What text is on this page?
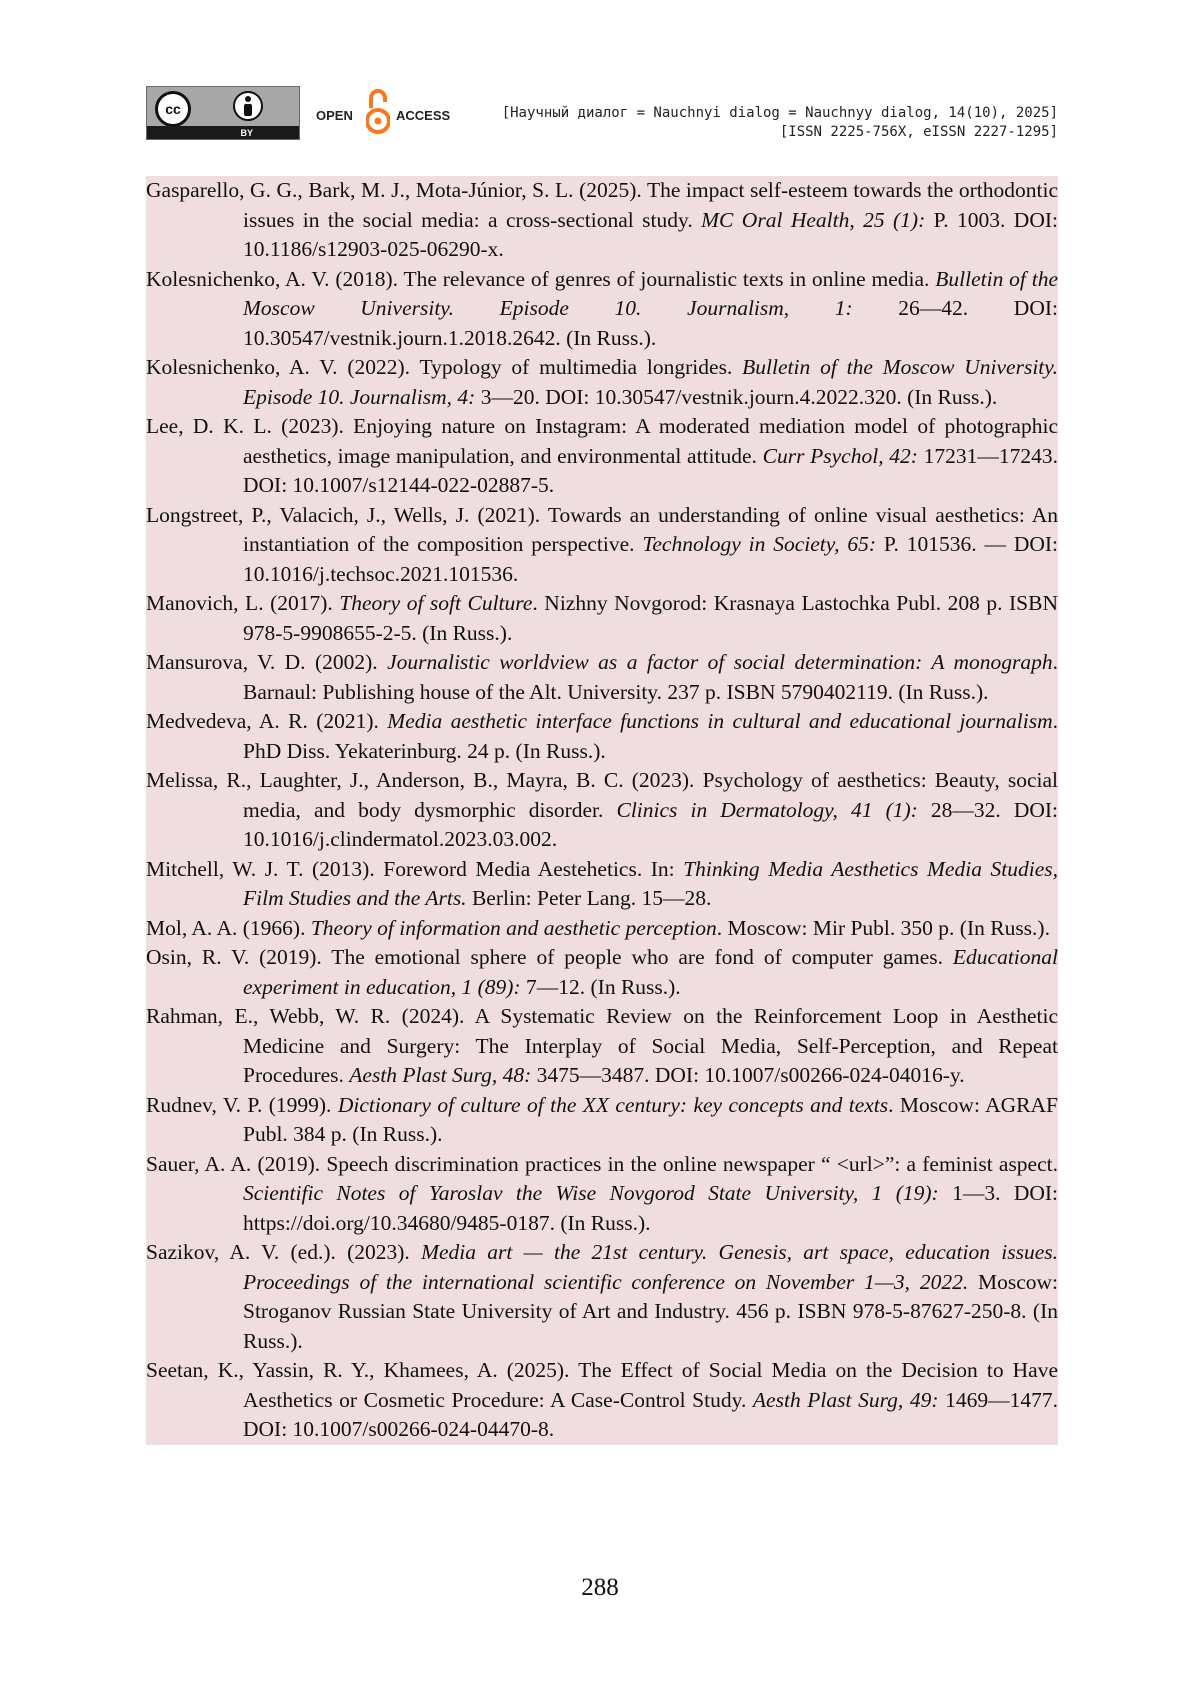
cc
BY
OPEN	ACCESS	[Научный диалог = Nauchnyi dialog = Nauchnyy dialog, 14(10), 2025]
[ISSN 2225-756X, eISSN 2227-1295]

Gasparello, G. G., Bark, M. J., Mota-Júnior, S. L. (2025). The impact self-esteem towards the orthodontic issues in the social media: a cross-sectional study. MC Oral Health, 25 (1): P. 1003. DOI: 10.1186/s12903-025-06290-x.

Kolesnichenko, A. V. (2018). The relevance of genres of journalistic texts in online media. Bulletin of the Moscow University. Episode 10. Journalism, 1: 26—42. DOI: 10.30547/vestnik.journ.1.2018.2642. (In Russ.).

Kolesnichenko, A. V. (2022). Typology of multimedia longrides. Bulletin of the Moscow University. Episode 10. Journalism, 4: 3—20. DOI: 10.30547/vestnik.journ.4.2022.320. (In Russ.).

Lee, D. K. L. (2023). Enjoying nature on Instagram: A moderated mediation model of photographic aesthetics, image manipulation, and environmental attitude. Curr Psychol, 42: 17231—17243. DOI: 10.1007/s12144-022-02887-5.

Longstreet, P., Valacich, J., Wells, J. (2021). Towards an understanding of online visual aesthetics: An instantiation of the composition perspective. Technology in Society, 65: P. 101536. — DOI: 10.1016/j.techsoc.2021.101536.

Manovich, L. (2017). Theory of soft Culture. Nizhny Novgorod: Krasnaya Lastochka Publ. 208 p. ISBN 978-5-9908655-2-5. (In Russ.).

Mansurova, V. D. (2002). Journalistic worldview as a factor of social determination: A monograph. Barnaul: Publishing house of the Alt. University. 237 p. ISBN 5790402119. (In Russ.).

Medvedeva, A. R. (2021). Media aesthetic interface functions in cultural and educational journalism. PhD Diss. Yekaterinburg. 24 p. (In Russ.).

Melissa, R., Laughter, J., Anderson, B., Mayra, B. C. (2023). Psychology of aesthetics: Beauty, social media, and body dysmorphic disorder. Clinics in Dermatology, 41 (1): 28—32. DOI: 10.1016/j.clindermatol.2023.03.002.

Mitchell, W. J. T. (2013). Foreword Media Aestehetics. In: Thinking Media Aesthetics Media Studies, Film Studies and the Arts. Berlin: Peter Lang. 15—28.

Mol, A. A. (1966). Theory of information and aesthetic perception. Moscow: Mir Publ. 350 p. (In Russ.).

Osin, R. V. (2019). The emotional sphere of people who are fond of computer games. Educational experiment in education, 1 (89): 7—12. (In Russ.).

Rahman, E., Webb, W. R. (2024). A Systematic Review on the Reinforcement Loop in Aesthetic Medicine and Surgery: The Interplay of Social Media, Self-Perception, and Repeat Procedures. Aesth Plast Surg, 48: 3475—3487. DOI: 10.1007/s00266-024-04016-y.

Rudnev, V. P. (1999). Dictionary of culture of the XX century: key concepts and texts. Moscow: AGRAF Publ. 384 p. (In Russ.).

Sauer, A. A. (2019). Speech discrimination practices in the online newspaper “ <url>”: a feminist aspect. Scientific Notes of Yaroslav the Wise Novgorod State University, 1 (19): 1—3. DOI: https://doi.org/10.34680/9485-0187. (In Russ.).

Sazikov, A. V. (ed.). (2023). Media art — the 21st century. Genesis, art space, education issues. Proceedings of the international scientific conference on November 1—3, 2022. Moscow: Stroganov Russian State University of Art and Industry. 456 p. ISBN 978-5-87627-250-8. (In Russ.).

Seetan, K., Yassin, R. Y., Khamees, A. (2025). The Effect of Social Media on the Decision to Have Aesthetics or Cosmetic Procedure: A Case-Control Study. Aesth Plast Surg, 49: 1469—1477. DOI: 10.1007/s00266-024-04470-8.

288
